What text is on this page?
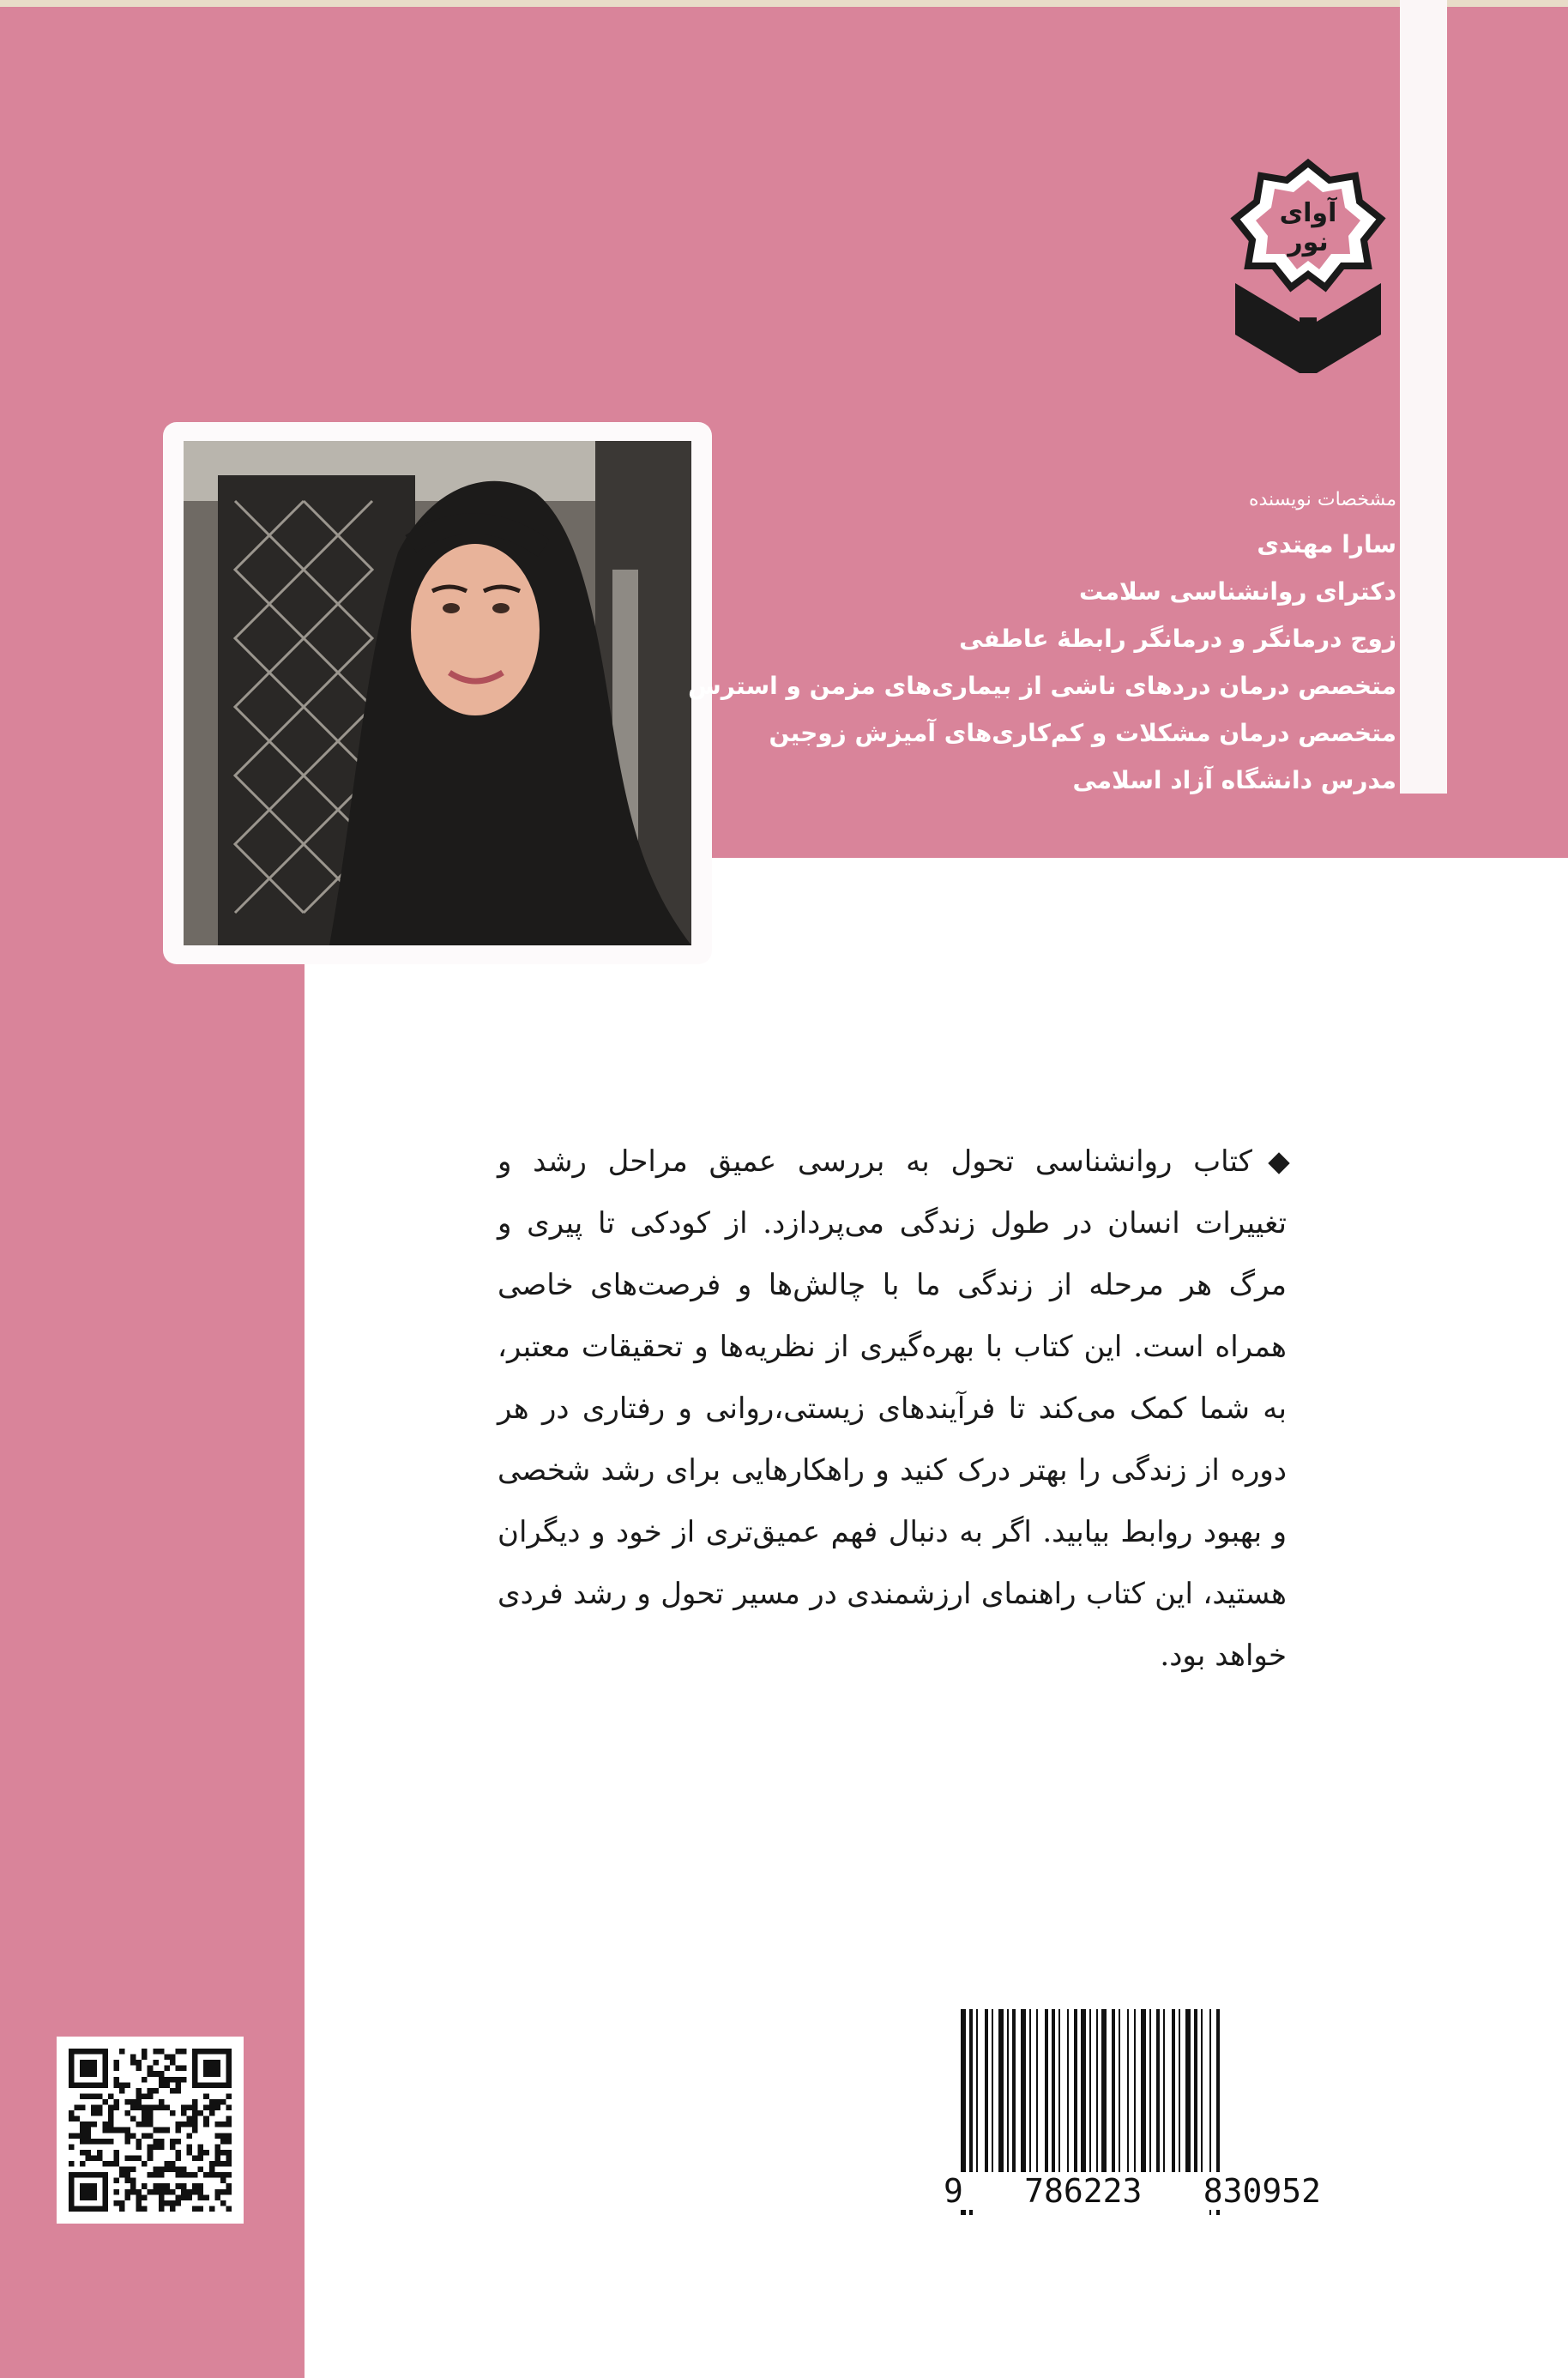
آوای
نور
مشخصات نویسنده
سارا مهتدی
دکترای روانشناسی سلامت
زوج درمانگر و درمانگر رابطهٔ عاطفی
متخصص درمان دردهای ناشی از بیماری‌های مزمن و استرس
متخصص درمان مشکلات و کم‌کاری‌های آمیزش زوجین
مدرس دانشگاه آزاد اسلامی
کتاب روانشناسی تحول به بررسی عمیق مراحل رشد و تغییرات انسان در طول زندگی می‌پردازد. از کودکی تا پیری و مرگ هر مرحله از زندگی ما با چالش‌ها و فرصت‌های خاصی همراه است. این کتاب با بهره‌گیری از نظریه‌ها و تحقیقات معتبر، به شما کمک می‌کند تا فرآیندهای زیستی،روانی و رفتاری در هر دوره از زندگی را بهتر درک کنید و راهکارهایی برای رشد شخصی و بهبود روابط بیابید. اگر به دنبال فهم عمیق‌تری از خود و دیگران هستید، این کتاب راهنمای ارزشمندی در مسیر تحول و رشد فردی خواهد بود.
9 786223 830952
